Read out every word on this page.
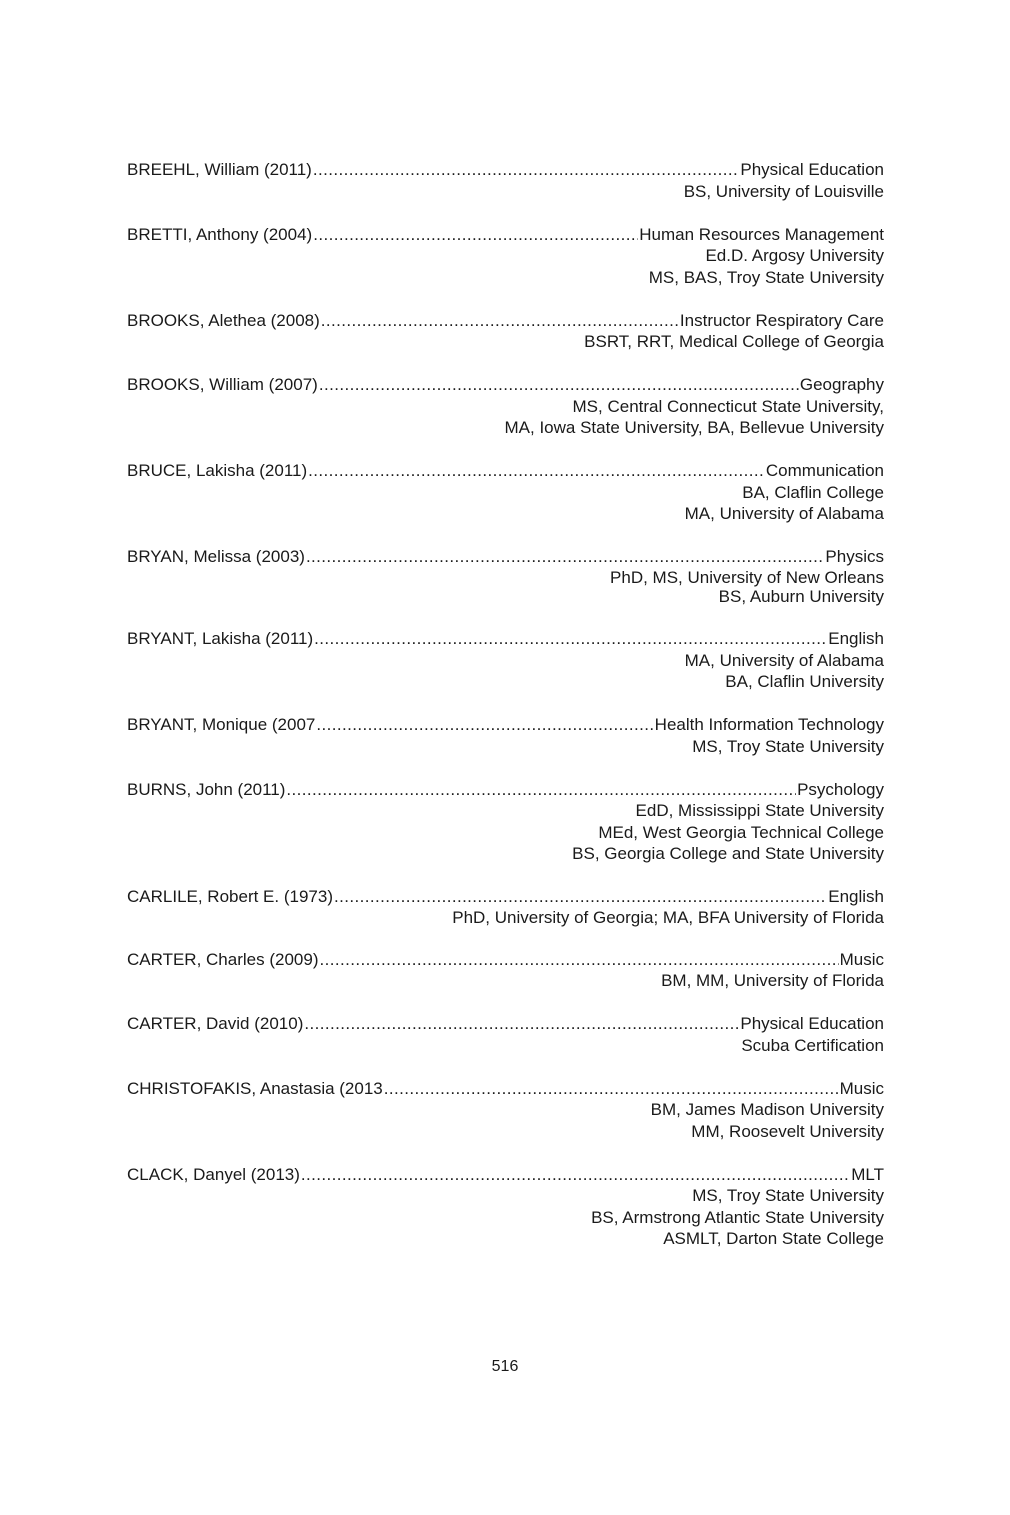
BREEHL, William (2011) .....	Physical Education
BS, University of Louisville
BRETTI, Anthony (2004) .....	Human Resources Management
Ed.D. Argosy University
MS, BAS, Troy State University
BROOKS, Alethea (2008) .....	Instructor Respiratory Care
BSRT, RRT, Medical College of Georgia
BROOKS, William (2007) .....	Geography
MS, Central Connecticut State University,
MA, Iowa State University, BA, Bellevue University
BRUCE, Lakisha (2011) .....	Communication
BA, Claflin College
MA, University of Alabama
BRYAN, Melissa (2003) .....	Physics
PhD, MS, University of New Orleans
BS, Auburn University
BRYANT, Lakisha (2011) .....	English
MA, University of Alabama
BA, Claflin University
BRYANT, Monique (2007 .....	Health Information Technology
MS, Troy State University
BURNS, John (2011) .....	Psychology
EdD, Mississippi State University
MEd, West Georgia Technical College
BS, Georgia College and State University
CARLILE, Robert E. (1973) .....	English
PhD, University of Georgia; MA, BFA University of Florida
CARTER, Charles (2009) .....	Music
BM, MM, University of Florida
CARTER, David (2010) .....	Physical Education
Scuba Certification
CHRISTOFAKIS, Anastasia (2013 .....	Music
BM, James Madison University
MM, Roosevelt University
CLACK, Danyel (2013) .....	MLT
MS, Troy State University
BS, Armstrong Atlantic State University
ASMLT, Darton State College
516
